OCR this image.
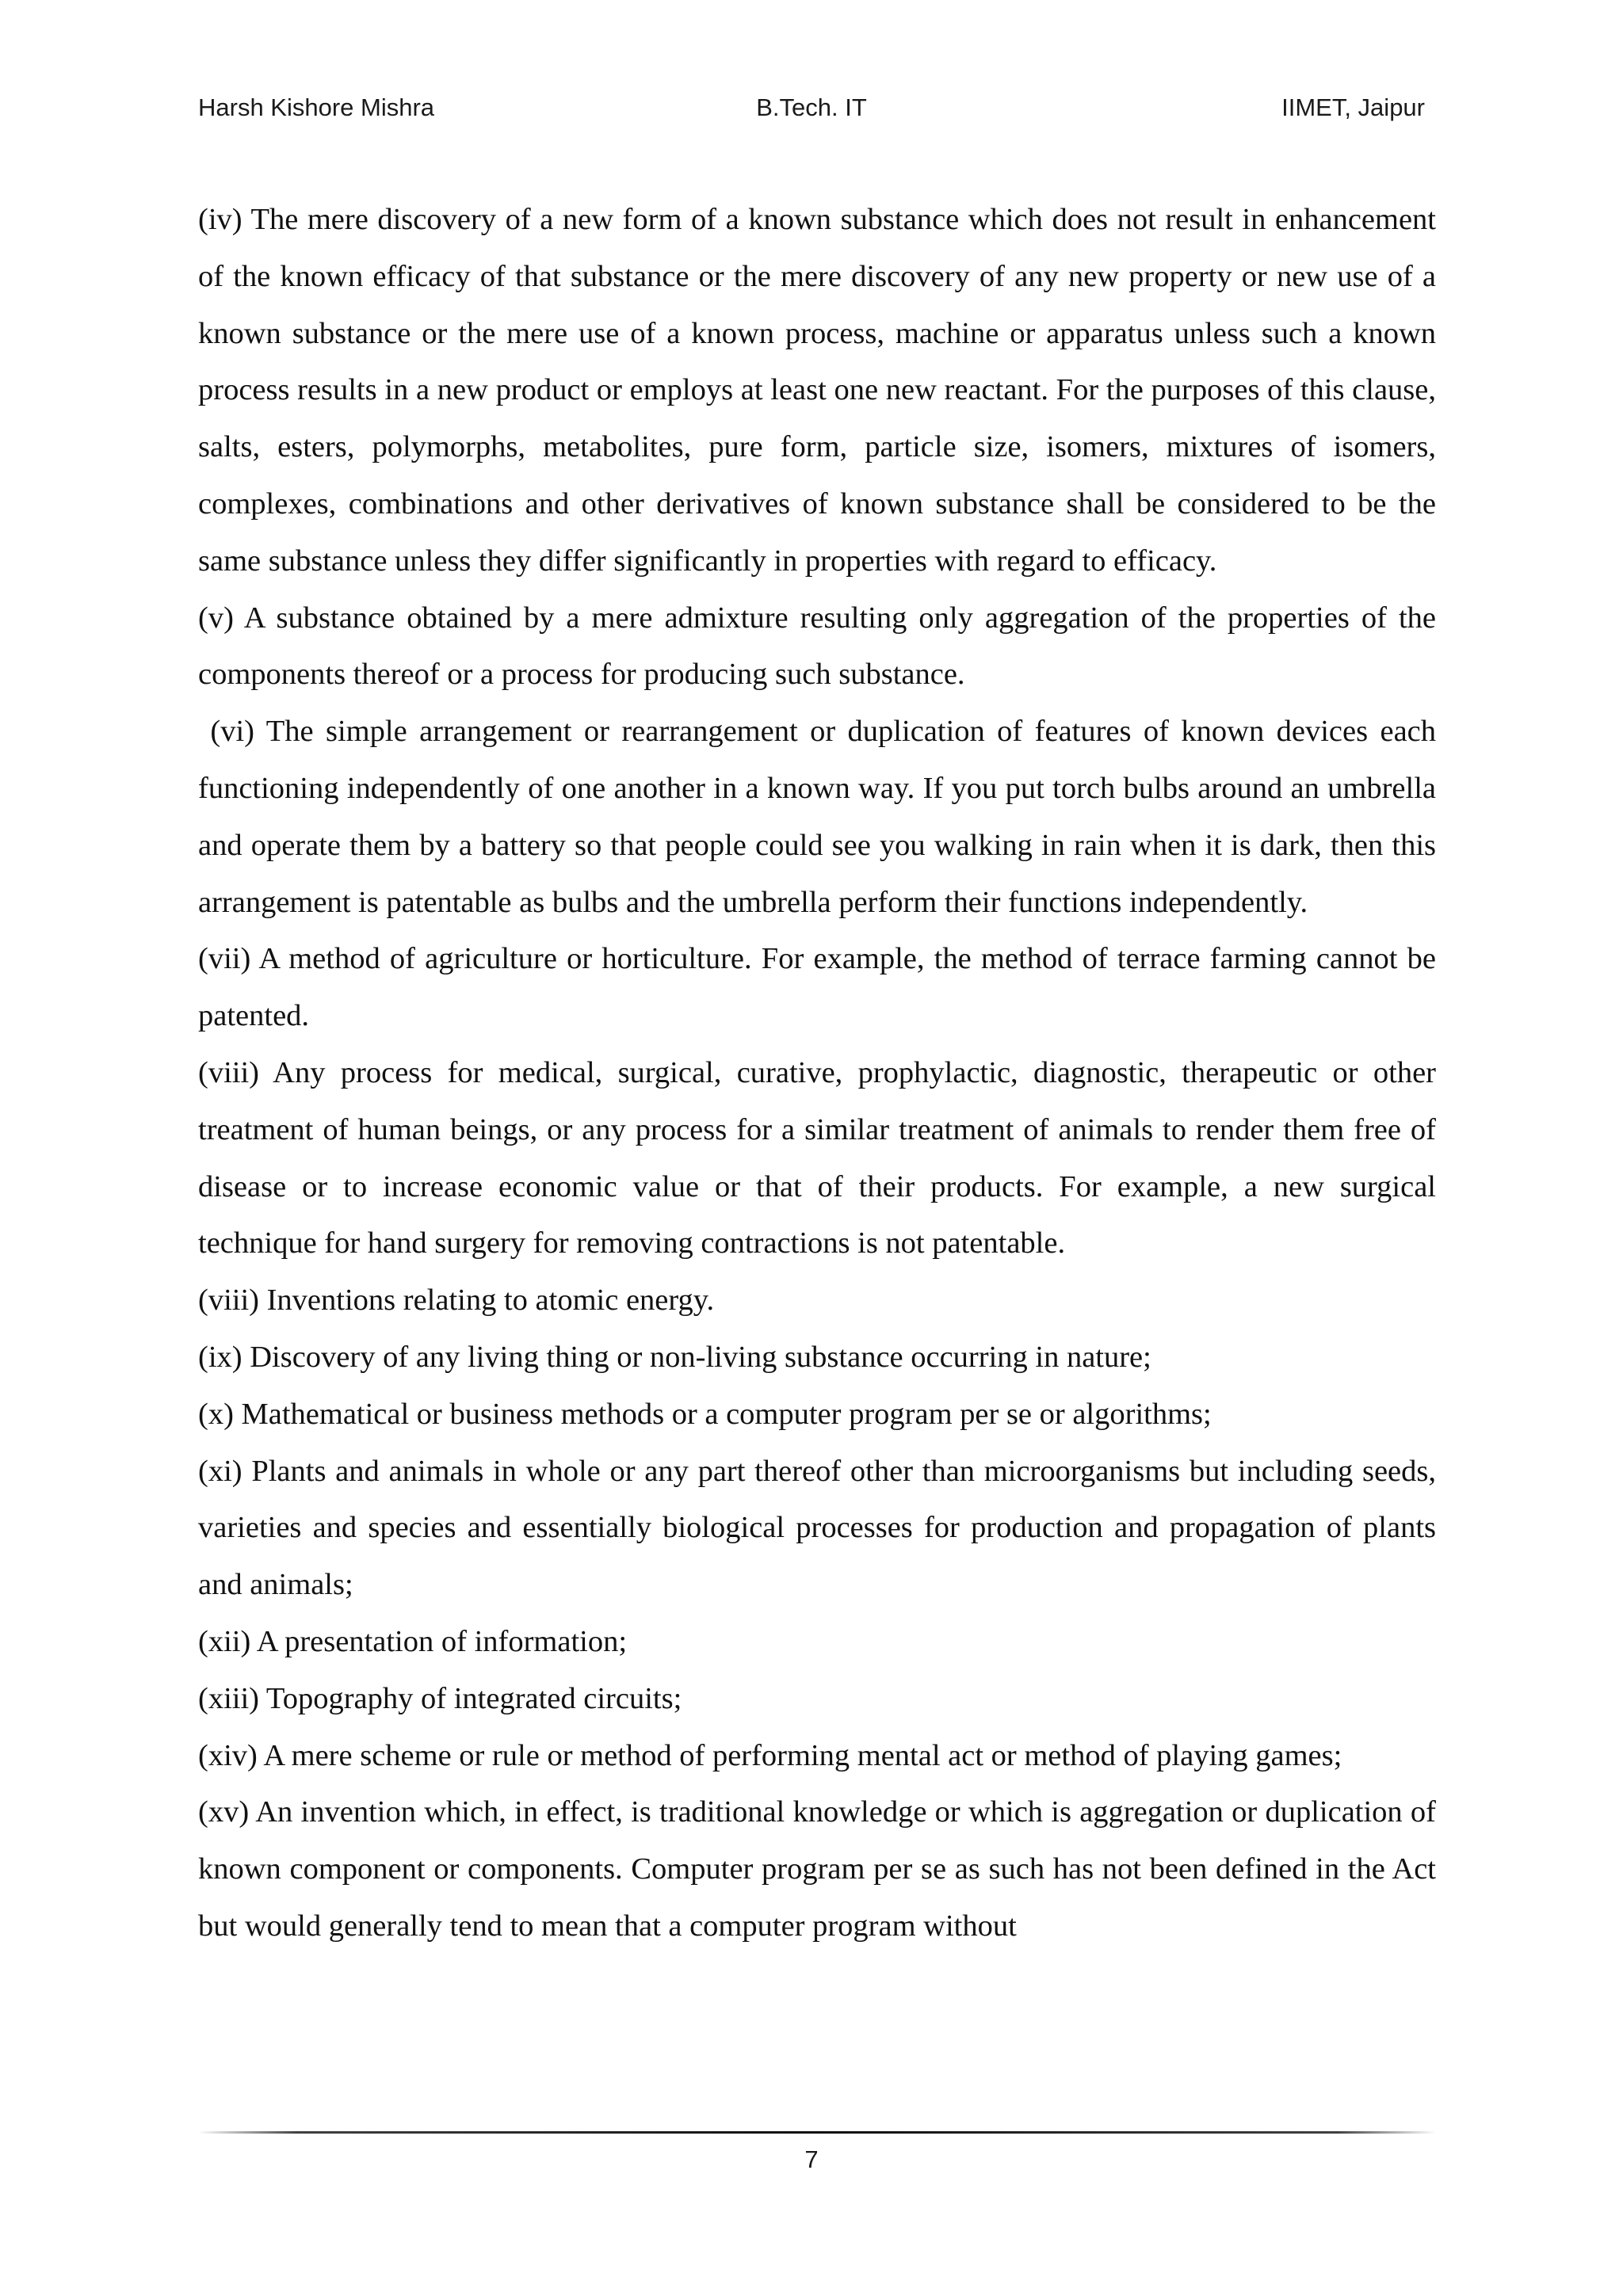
Harsh Kishore Mishra	B.Tech. IT	IIMET, Jaipur

(iv) The mere discovery of a new form of a known substance which does not result in enhancement of the known efficacy of that substance or the mere discovery of any new property or new use of a known substance or the mere use of a known process, machine or apparatus unless such a known process results in a new product or employs at least one new reactant. For the purposes of this clause, salts, esters, polymorphs, metabolites, pure form, particle size, isomers, mixtures of isomers, complexes, combinations and other derivatives of known substance shall be considered to be the same substance unless they differ significantly in properties with regard to efficacy.

(v) A substance obtained by a mere admixture resulting only aggregation of the properties of the components thereof or a process for producing such substance.

(vi) The simple arrangement or rearrangement or duplication of features of known devices each functioning independently of one another in a known way. If you put torch bulbs around an umbrella and operate them by a battery so that people could see you walking in rain when it is dark, then this arrangement is patentable as bulbs and the umbrella perform their functions independently.

(vii) A method of agriculture or horticulture. For example, the method of terrace farming cannot be patented.

(viii) Any process for medical, surgical, curative, prophylactic, diagnostic, therapeutic or other treatment of human beings, or any process for a similar treatment of animals to render them free of disease or to increase economic value or that of their products. For example, a new surgical technique for hand surgery for removing contractions is not patentable.

(viii) Inventions relating to atomic energy.

(ix) Discovery of any living thing or non-living substance occurring in nature;

(x) Mathematical or business methods or a computer program per se or algorithms;

(xi) Plants and animals in whole or any part thereof other than microorganisms but including seeds, varieties and species and essentially biological processes for production and propagation of plants and animals;

(xii) A presentation of information;

(xiii) Topography of integrated circuits;

(xiv) A mere scheme or rule or method of performing mental act or method of playing games;

(xv) An invention which, in effect, is traditional knowledge or which is aggregation or duplication of known component or components. Computer program per se as such has not been defined in the Act but would generally tend to mean that a computer program without

7
